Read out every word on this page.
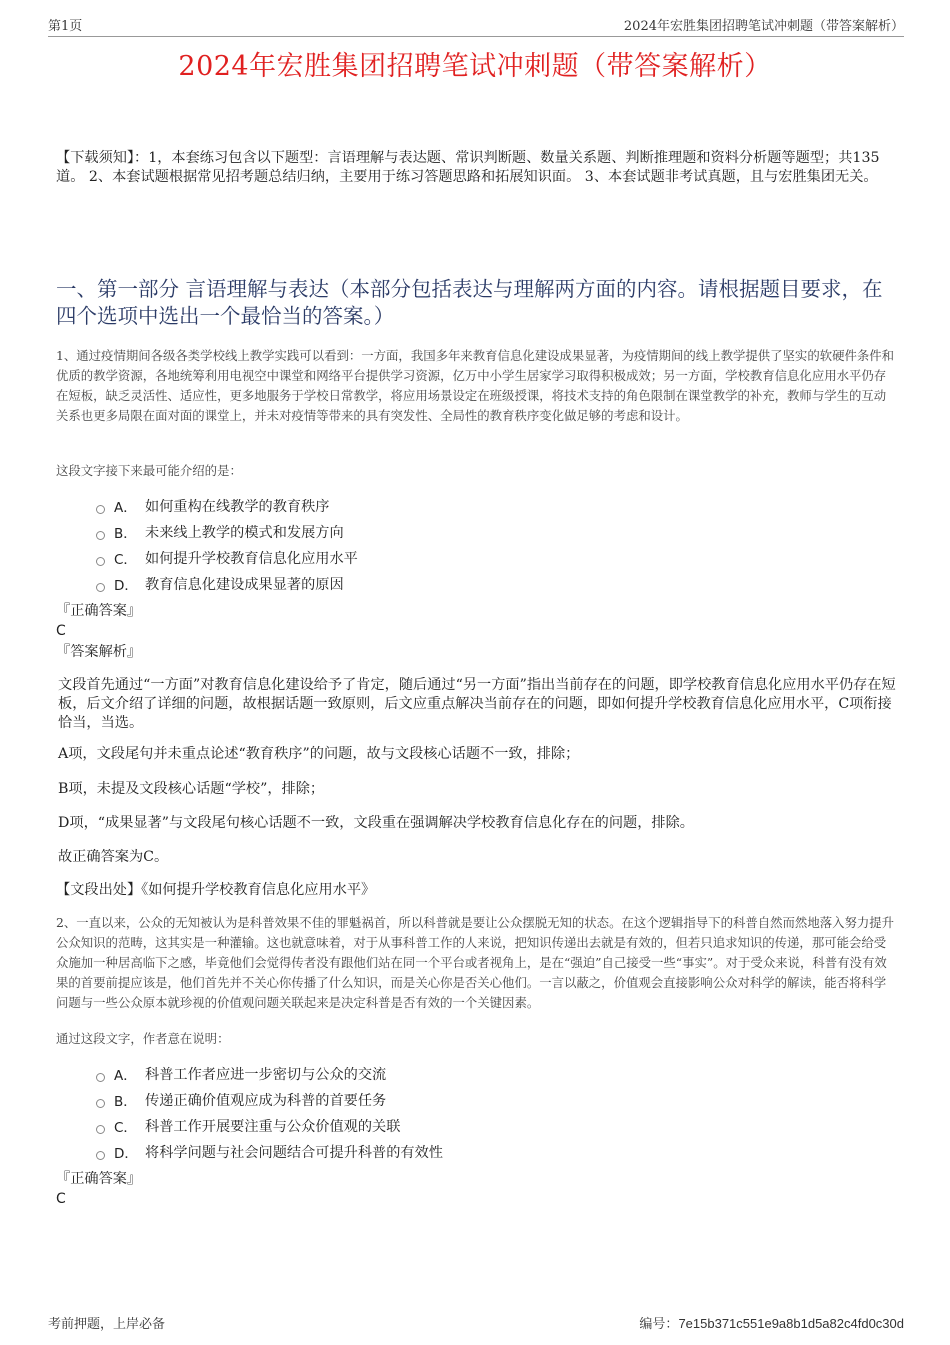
第1页	2024年宏胜集团招聘笔试冲刺题（带答案解析）
2024年宏胜集团招聘笔试冲刺题（带答案解析）
【下载须知】：1，本套练习包含以下题型：言语理解与表达题、常识判断题、数量关系题、判断推理题和资料分析题等题型；共135道。 2、本套试题根据常见招考题总结归纳，主要用于练习答题思路和拓展知识面。 3、本套试题非考试真题，且与宏胜集团无关。
一、第一部分 言语理解与表达（本部分包括表达与理解两方面的内容。请根据题目要求，在四个选项中选出一个最恰当的答案。）
1、通过疫情期间各级各类学校线上教学实践可以看到：一方面，我国多年来教育信息化建设成果显著，为疫情期间的线上教学提供了坚实的软硬件条件和优质的教学资源，各地统筹利用电视空中课堂和网络平台提供学习资源，亿万中小学生居家学习取得积极成效；另一方面，学校教育信息化应用水平仍存在短板，缺乏灵活性、适应性，更多地服务于学校日常教学，将应用场景设定在班级授课，将技术支持的角色限制在课堂教学的补充，教师与学生的互动关系也更多局限在面对面的课堂上，并未对疫情等带来的具有突发性、全局性的教育秩序变化做足够的考虑和设计。
这段文字接下来最可能介绍的是：
A． 如何重构在线教学的教育秩序
B． 未来线上教学的模式和发展方向
C． 如何提升学校教育信息化应用水平
D． 教育信息化建设成果显著的原因
『正确答案』
C
『答案解析』
文段首先通过“一方面”对教育信息化建设给予了肯定，随后通过“另一方面”指出当前存在的问题，即学校教育信息化应用水平仍存在短板，后文介绍了详细的问题，故根据话题一致原则，后文应重点解决当前存在的问题，即如何提升学校教育信息化应用水平，C项衔接恰当，当选。
A项，文段尾句并未重点论述“教育秩序”的问题，故与文段核心话题不一致，排除；
B项，未提及文段核心话题“学校”，排除；
D项，“成果显著”与文段尾句核心话题不一致，文段重在强调解决学校教育信息化存在的问题，排除。
故正确答案为C。
【文段出处】《如何提升学校教育信息化应用水平》
2、一直以来，公众的无知被认为是科普效果不佳的罪魁祸首，所以科普就是要让公众摆脱无知的状态。在这个逻辑指导下的科普自然而然地落入努力提升公众知识的范畴，这其实是一种灌输。这也就意味着，对于从事科普工作的人来说，把知识传递出去就是有效的，但若只追求知识的传递，那可能会给受众施加一种居高临下之感，毕竟他们会觉得传者没有跟他们站在同一个平台或者视角上，是在“强迫”自己接受一些“事实”。对于受众来说，科普有没有效果的首要前提应该是，他们首先并不关心你传播了什么知识，而是关心你是否关心他们。一言以蔽之，价值观会直接影响公众对科学的解读，能否将科学问题与一些公众原本就珍视的价值观问题关联起来是决定科普是否有效的一个关键因素。
通过这段文字，作者意在说明：
A． 科普工作者应进一步密切与公众的交流
B． 传递正确价值观应成为科普的首要任务
C． 科普工作开展要注重与公众价值观的关联
D． 将科学问题与社会问题结合可提升科普的有效性
『正确答案』
C
考前押题，上岸必备	编号：7e15b371c551e9a8b1d5a82c4fd0c30d
